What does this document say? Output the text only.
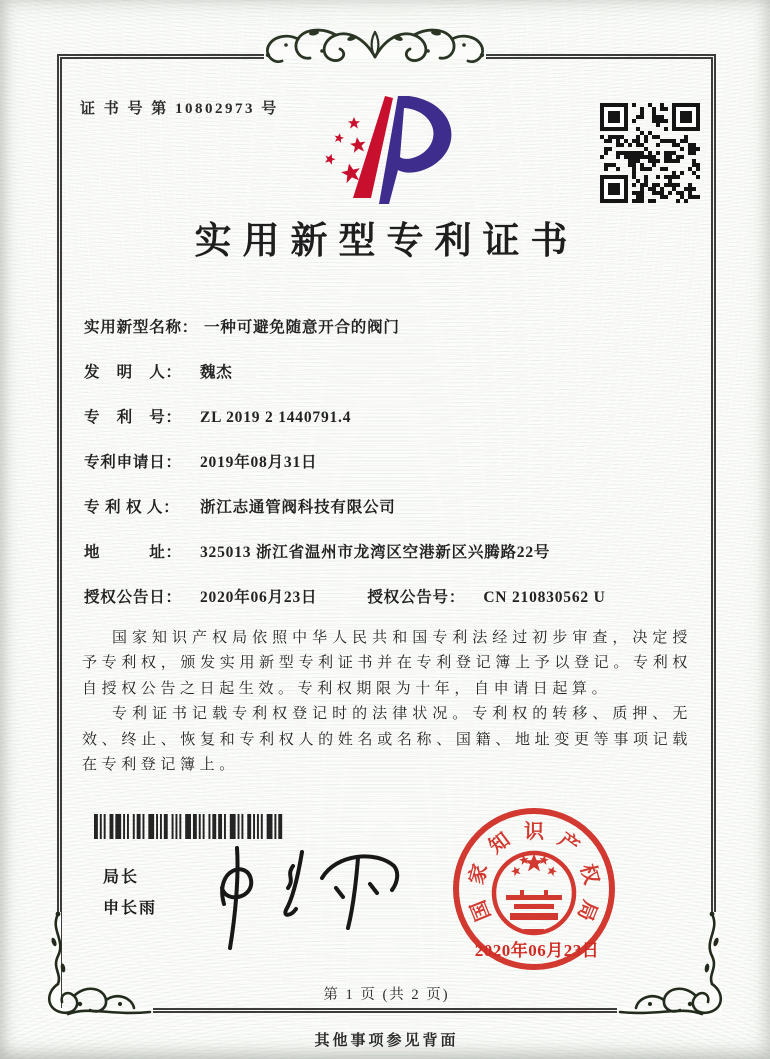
证 书 号 第 10802973 号
实用新型专利证书
实用新型名称： 一种可避免随意开合的阀门
发　明　人：	魏杰
专　利　号：	ZL 2019 2 1440791.4
专利申请日：	2019年08月31日
专 利 权 人：	浙江志通管阀科技有限公司
地　　　址：	325013 浙江省温州市龙湾区空港新区兴腾路22号
授权公告日：	2020年06月23日	授权公告号：	CN 210830562 U

国家知识产权局依照中华人民共和国专利法经过初步审查，决定授予专利权，颁发实用新型专利证书并在专利登记簿上予以登记。专利权自授权公告之日起生效。专利权期限为十年，自申请日起算。

专利证书记载专利权登记时的法律状况。专利权的转移、质押、无效、终止、恢复和专利权人的姓名或名称、国籍、地址变更等事项记载在专利登记簿上。

局长
申长雨	国
家
知 识 产
权
局
2020年06月23日
第 1 页 (共 2 页)
其他事项参见背面
